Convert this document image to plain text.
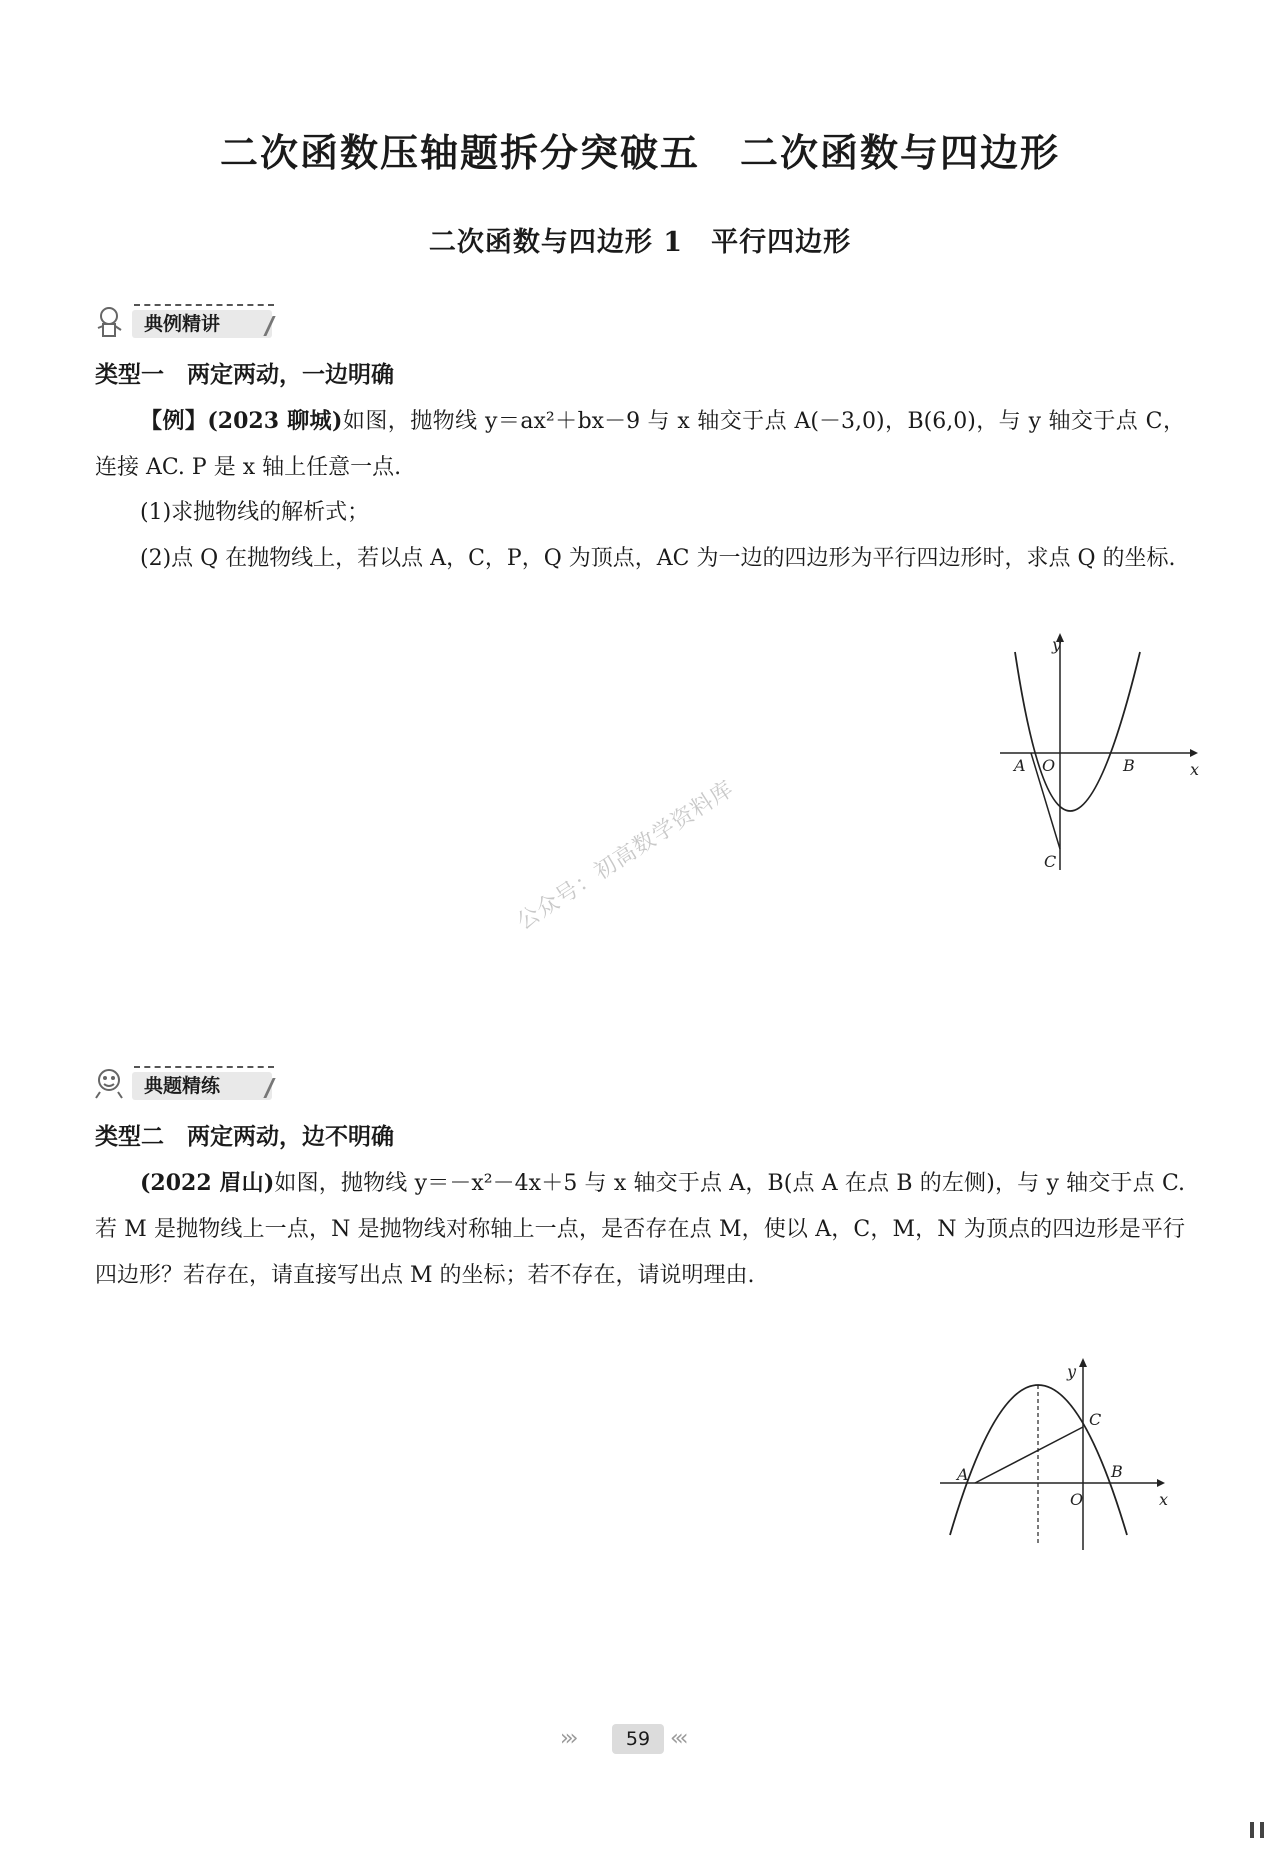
二次函数压轴题拆分突破五　二次函数与四边形
二次函数与四边形 1　平行四边形
典例精讲
类型一　两定两动，一边明确
【例】(2023 聊城)如图，抛物线 y＝ax²＋bx－9 与 x 轴交于点 A(－3,0)，B(6,0)，与 y 轴交于点 C，连接 AC. P 是 x 轴上任意一点.
(1)求抛物线的解析式；
(2)点 Q 在抛物线上，若以点 A，C，P，Q 为顶点，AC 为一边的四边形为平行四边形时，求点 Q 的坐标.
y
x
A O	B
C
公众号：初高数学资料库
典题精练
类型二　两定两动，边不明确
(2022 眉山)如图，抛物线 y＝－x²－4x＋5 与 x 轴交于点 A，B(点 A 在点 B 的左侧)，与 y 轴交于点 C. 若 M 是抛物线上一点，N 是抛物线对称轴上一点，是否存在点 M，使以 A，C，M，N 为顶点的四边形是平行四边形？若存在，请直接写出点 M 的坐标；若不存在，请说明理由.
y
x
A
O
B
C
›››	59 ‹‹‹
